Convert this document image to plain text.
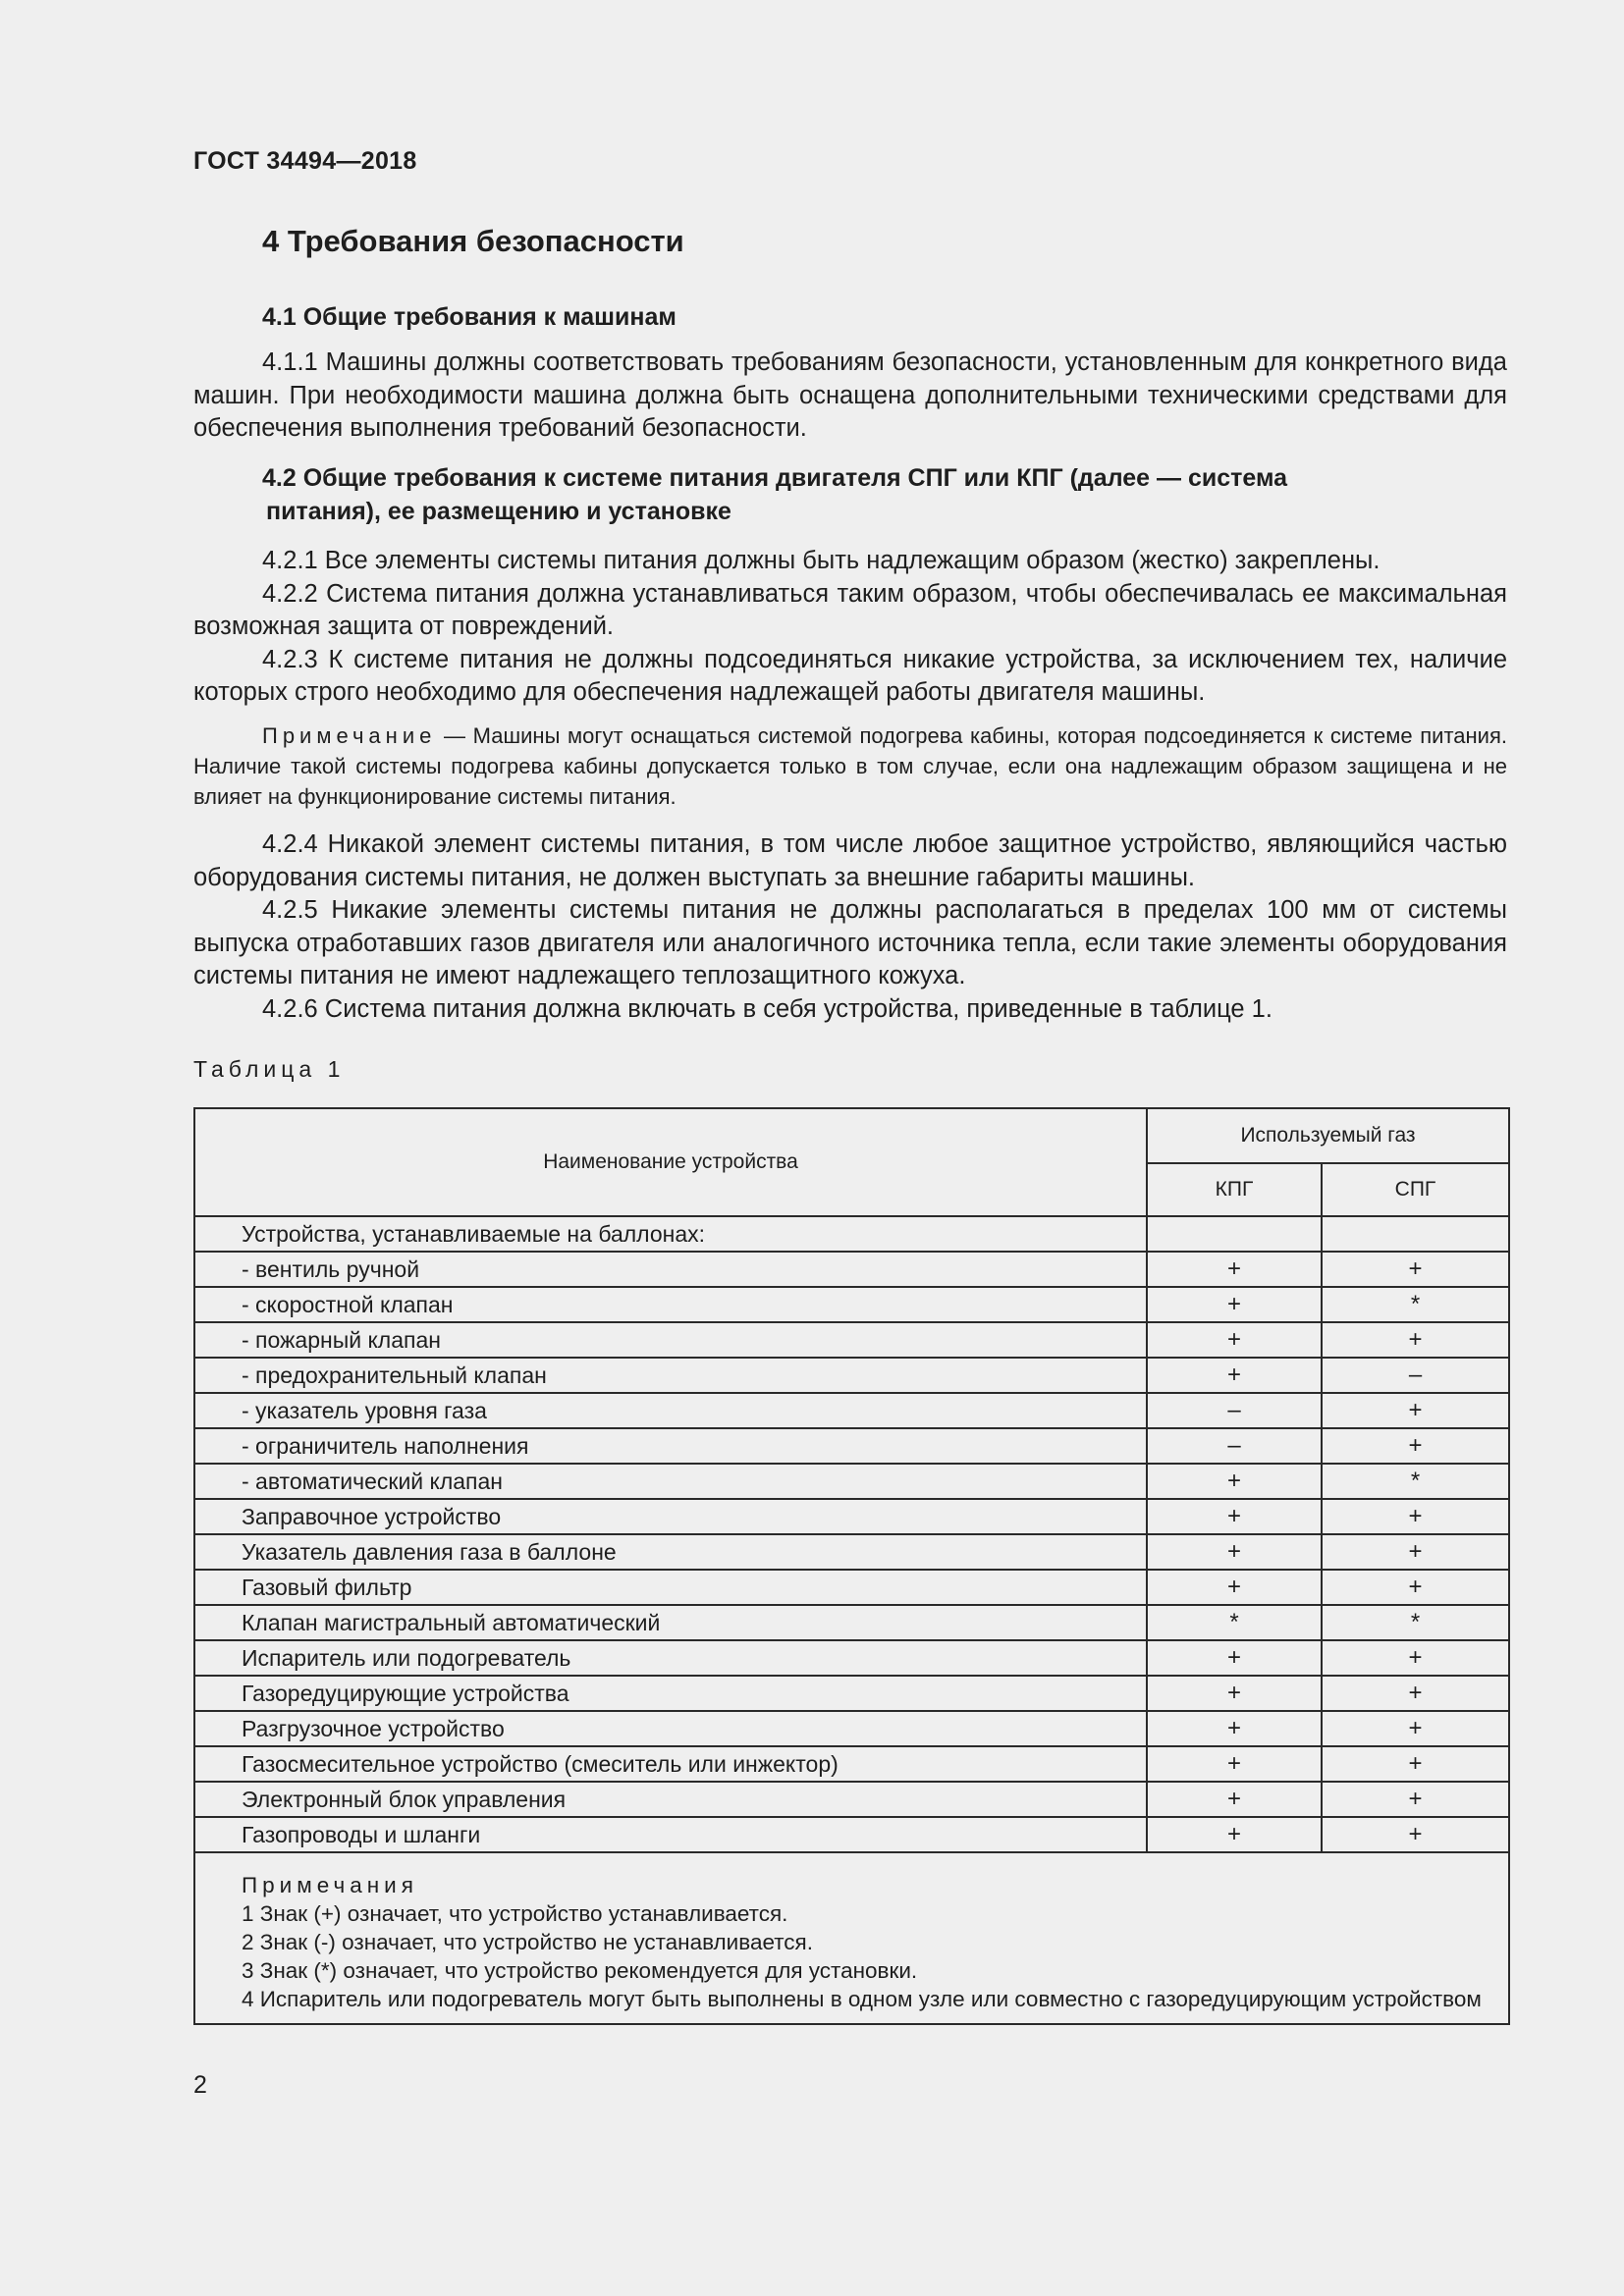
ГОСТ 34494—2018
4 Требования безопасности
4.1 Общие требования к машинам

4.1.1 Машины должны соответствовать требованиям безопасности, установленным для конкретного вида машин. При необходимости машина должна быть оснащена дополнительными техническими средствами для обеспечения выполнения требований безопасности.

4.2 Общие требования к системе питания двигателя СПГ или КПГ (далее — система
питания), ее размещению и установке

4.2.1 Все элементы системы питания должны быть надлежащим образом (жестко) закреплены.

4.2.2 Система питания должна устанавливаться таким образом, чтобы обеспечивалась ее максимальная возможная защита от повреждений.

4.2.3 К системе питания не должны подсоединяться никакие устройства, за исключением тех, наличие которых строго необходимо для обеспечения надлежащей работы двигателя машины.

Примечание — Машины могут оснащаться системой подогрева кабины, которая подсоединяется к системе питания. Наличие такой системы подогрева кабины допускается только в том случае, если она надлежащим образом защищена и не влияет на функционирование системы питания.

4.2.4 Никакой элемент системы питания, в том числе любое защитное устройство, являющийся частью оборудования системы питания, не должен выступать за внешние габариты машины.

4.2.5 Никакие элементы системы питания не должны располагаться в пределах 100 мм от системы выпуска отработавших газов двигателя или аналогичного источника тепла, если такие элементы оборудования системы питания не имеют надлежащего теплозащитного кожуха.

4.2.6 Система питания должна включать в себя устройства, приведенные в таблице 1.

Таблица 1
Наименование устройства	Используемый газ	
	КПГ	СПГ
Устройства, устанавливаемые на баллонах:		
- вентиль ручной	+	+
- скоростной клапан	+	*
- пожарный клапан	+	+
- предохранительный клапан	+	–
- указатель уровня газа	–	+
- ограничитель наполнения	–	+
- автоматический клапан	+	*
Заправочное устройство	+	+
Указатель давления газа в баллоне	+	+
Газовый фильтр	+	+
Клапан магистральный автоматический	*	*
Испаритель или подогреватель	+	+
Газоредуцирующие устройства	+	+
Разгрузочное устройство	+	+
Газосмесительное устройство (смеситель или инжектор)	+	+
Электронный блок управления	+	+
Газопроводы и шланги	+	+

Примечания
1 Знак (+) означает, что устройство устанавливается.
2 Знак (-) означает, что устройство не устанавливается.
3 Знак (*) означает, что устройство рекомендуется для установки.
4 Испаритель или подогреватель могут быть выполнены в одном узле или совместно с газоредуцирующим устройством		
2
